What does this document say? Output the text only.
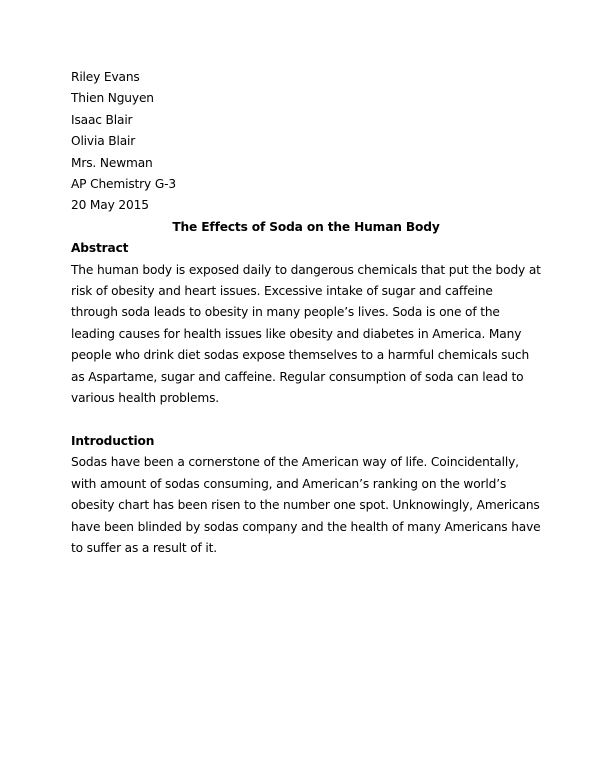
Riley Evans
Thien Nguyen
Isaac Blair
Olivia Blair
Mrs. Newman
AP Chemistry G-3
20 May 2015
The Effects of Soda on the Human Body
Abstract

The human body is exposed daily to dangerous chemicals that put the body at risk of obesity and heart issues. Excessive intake of sugar and caffeine through soda leads to obesity in many people’s lives. Soda is one of the leading causes for health issues like obesity and diabetes in America. Many people who drink diet sodas expose themselves to a harmful chemicals such as Aspartame, sugar and caffeine. Regular consumption of soda can lead to various health problems.

Introduction

Sodas have been a cornerstone of the American way of life. Coincidentally, with amount of sodas consuming, and American’s ranking on the world’s obesity chart has been risen to the number one spot. Unknowingly, Americans have been blinded by sodas company and the health of many Americans have to suffer as a result of it.
